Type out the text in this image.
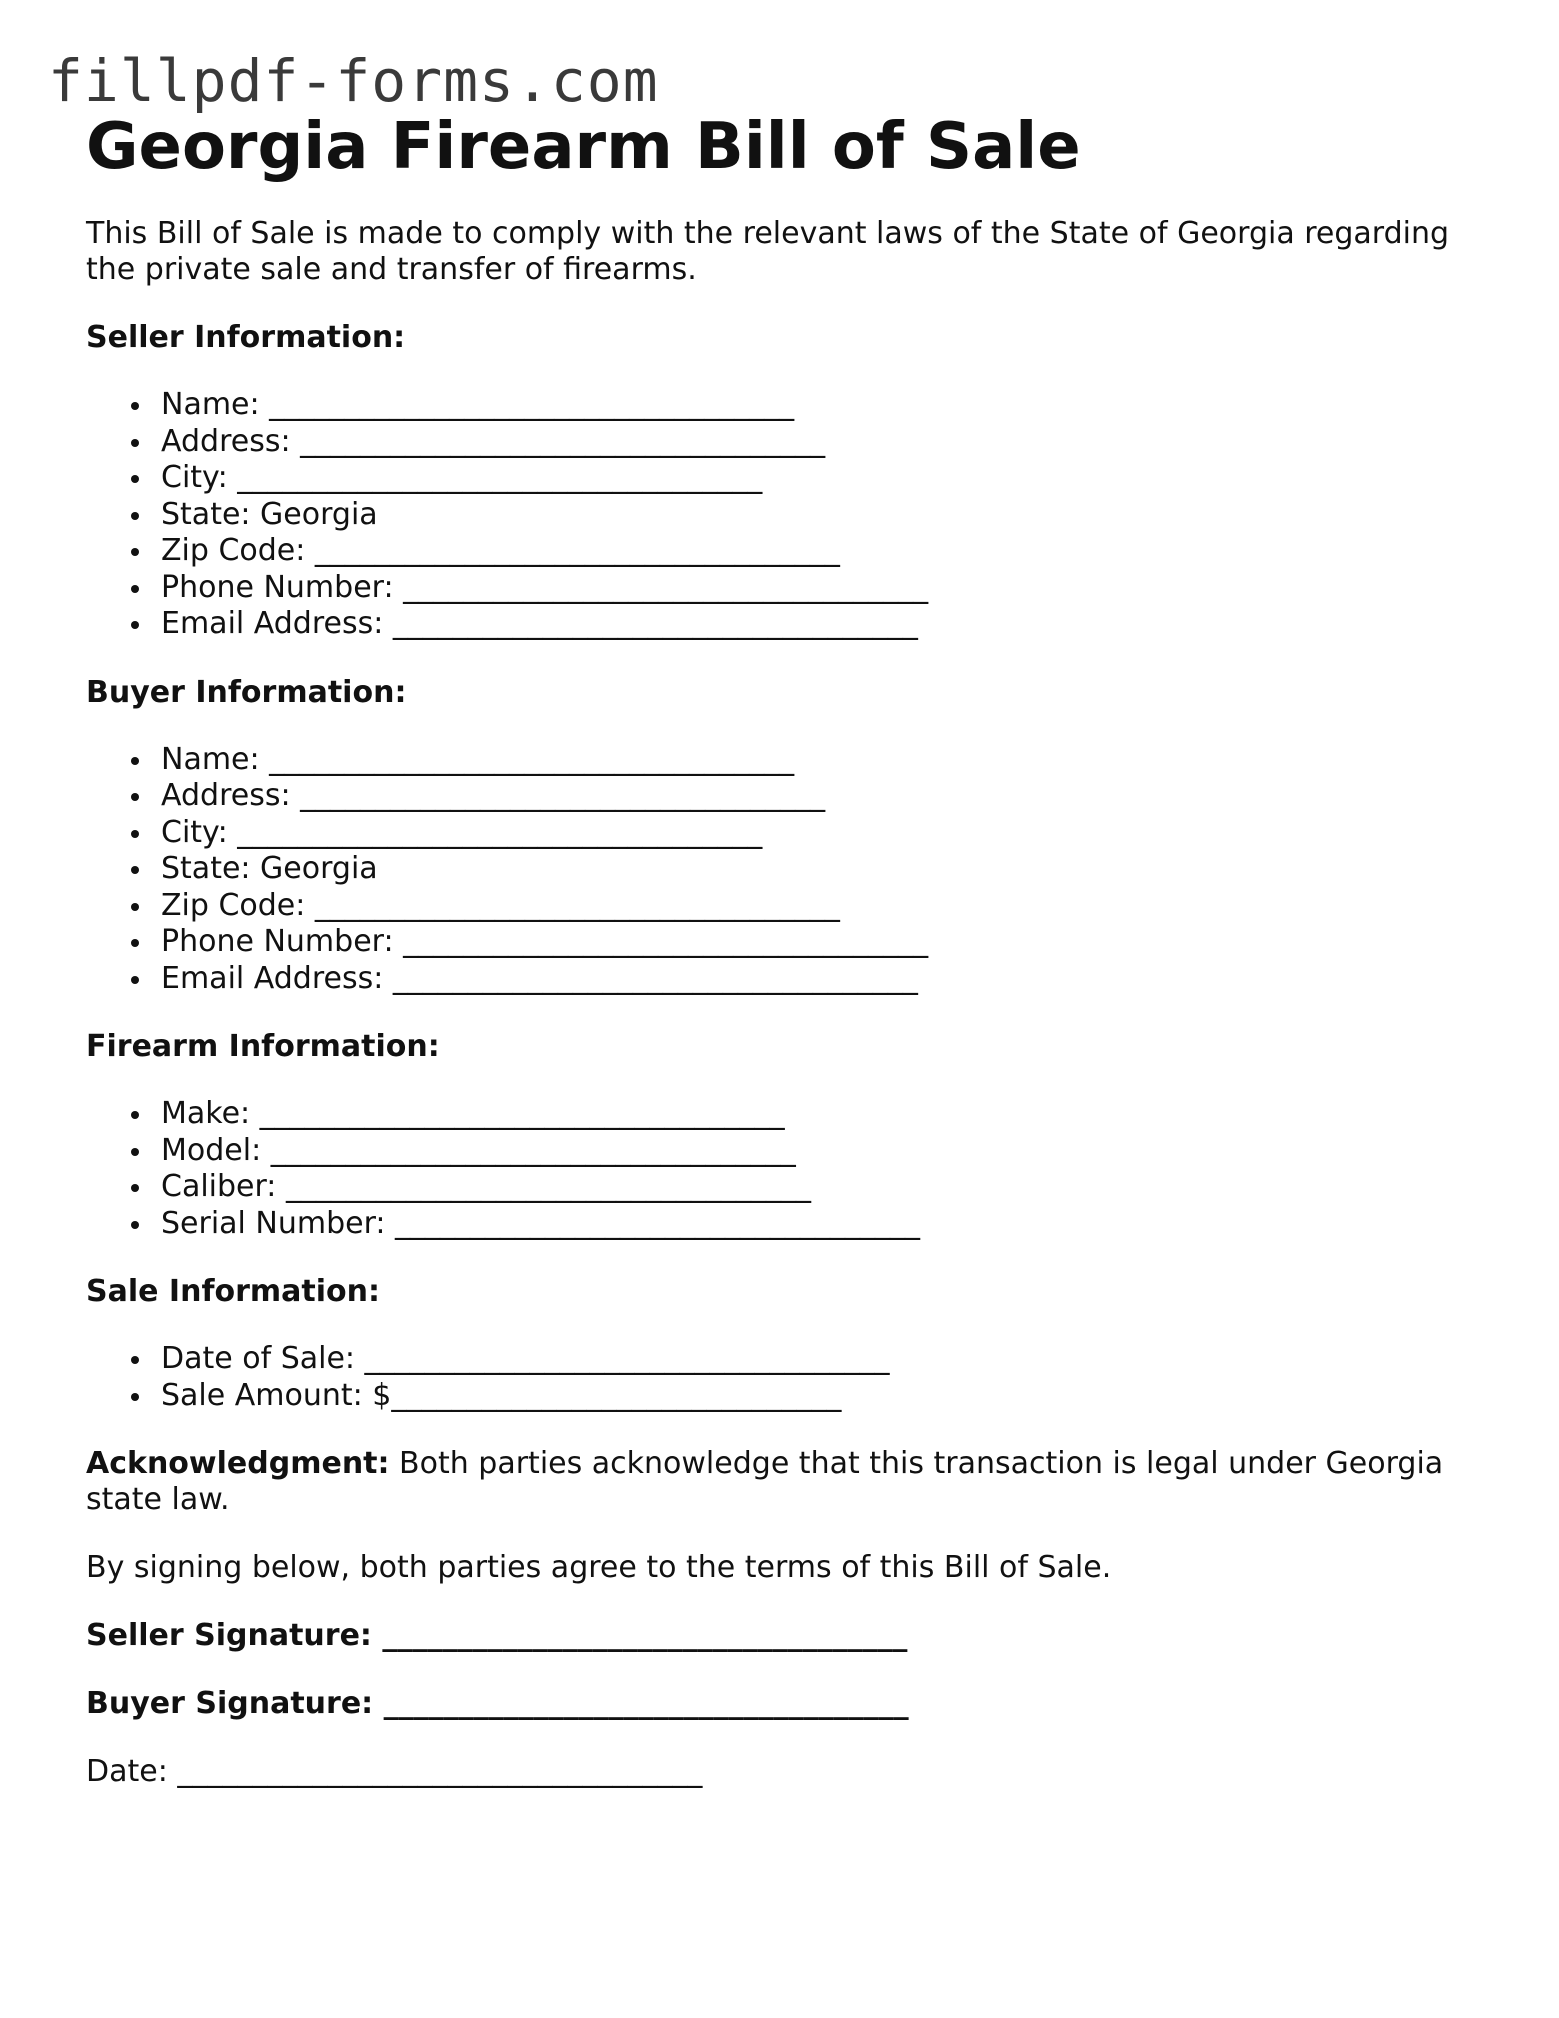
fillpdf-forms.com
Georgia Firearm Bill of Sale

This Bill of Sale is made to comply with the relevant laws of the State of Georgia regarding the private sale and transfer of firearms.

Seller Information:
Name: ___________________________________
Address: ___________________________________
City: ___________________________________
State: Georgia
Zip Code: ___________________________________
Phone Number: ___________________________________
Email Address: ___________________________________
Buyer Information:
Name: ___________________________________
Address: ___________________________________
City: ___________________________________
State: Georgia
Zip Code: ___________________________________
Phone Number: ___________________________________
Email Address: ___________________________________
Firearm Information:
Make: ___________________________________
Model: ___________________________________
Caliber: ___________________________________
Serial Number: ___________________________________
Sale Information:
Date of Sale: ___________________________________
Sale Amount: $______________________________

Acknowledgment: Both parties acknowledge that this transaction is legal under Georgia state law.

By signing below, both parties agree to the terms of this Bill of Sale.

Seller Signature: ___________________________________
Buyer Signature: ___________________________________
Date: ___________________________________
